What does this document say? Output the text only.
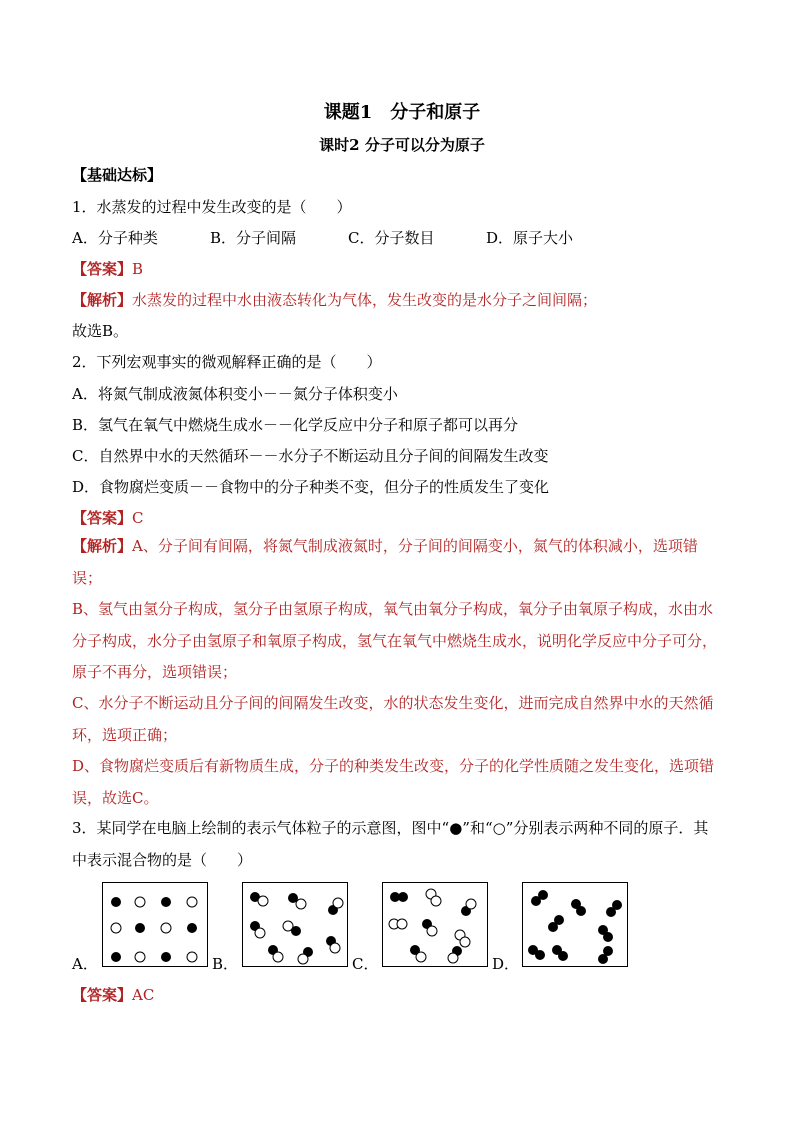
课题1　分子和原子
课时2 分子可以分为原子
【基础达标】
1．水蒸发的过程中发生改变的是（　　）
A．分子种类	B．分子间隔	C．分子数目	D．原子大小
【答案】B
【解析】水蒸发的过程中水由液态转化为气体，发生改变的是水分子之间间隔；
故选B。
2．下列宏观事实的微观解释正确的是（　　）
A．将氮气制成液氮体积变小－－氮分子体积变小
B．氢气在氧气中燃烧生成水－－化学反应中分子和原子都可以再分
C．自然界中水的天然循环－－水分子不断运动且分子间的间隔发生改变
D．食物腐烂变质－－食物中的分子种类不变，但分子的性质发生了变化
【答案】C
【解析】A、分子间有间隔，将氮气制成液氮时，分子间的间隔变小，氮气的体积减小，选项错误；
B、氢气由氢分子构成，氢分子由氢原子构成，氧气由氧分子构成，氧分子由氧原子构成，水由水分子构成，水分子由氢原子和氧原子构成，氢气在氧气中燃烧生成水，说明化学反应中分子可分，原子不再分，选项错误；
C、水分子不断运动且分子间的间隔发生改变，水的状态发生变化，进而完成自然界中水的天然循环，选项正确；
D、食物腐烂变质后有新物质生成，分子的种类发生改变，分子的化学性质随之发生变化，选项错误，故选C。
3．某同学在电脑上绘制的表示气体粒子的示意图，图中“●”和“○”分别表示两种不同的原子．其中表示混合物的是（　　）
A．	B．	C．	D．
【答案】AC
